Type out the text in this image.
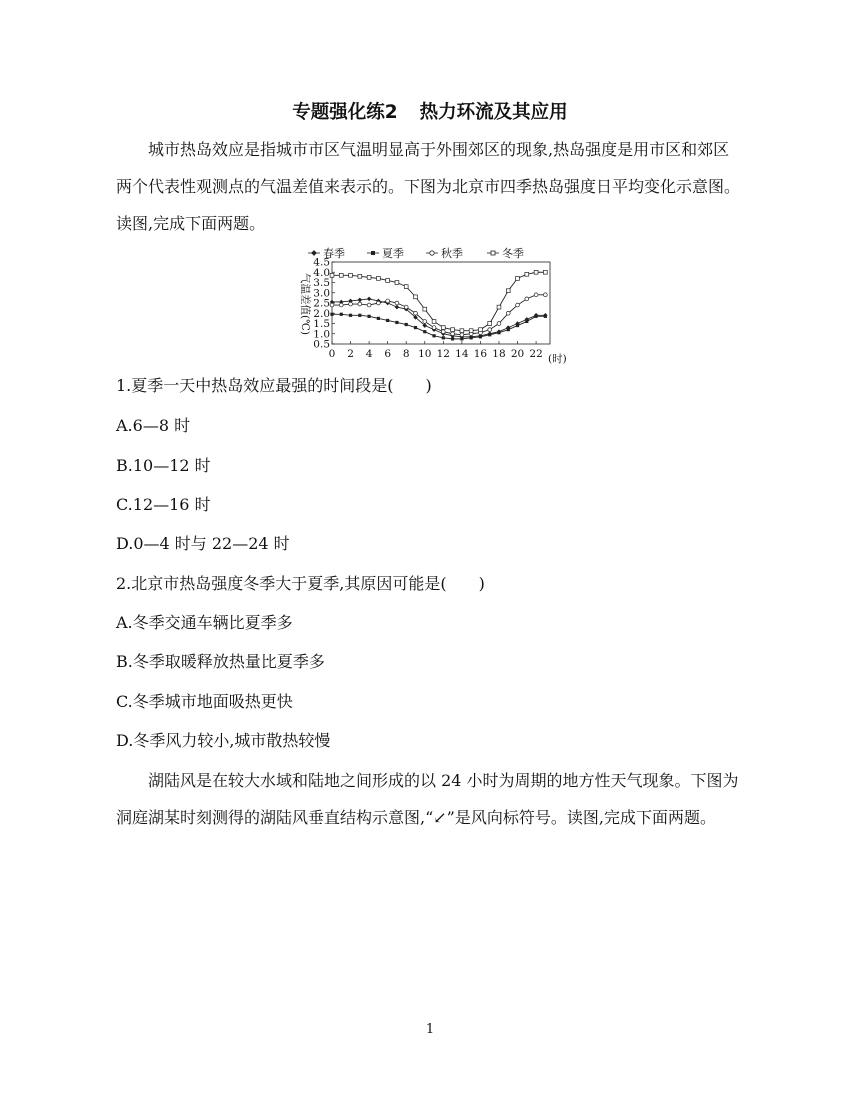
专题强化练2 热力环流及其应用

城市热岛效应是指城市市区气温明显高于外围郊区的现象,热岛强度是用市区和郊区两个代表性观测点的气温差值来表示的。下图为北京市四季热岛强度日平均变化示意图。读图,完成下面两题。

春季	夏季	秋季	冬季
气温差值(℃)
0.5
1.0
1.5
2.0
2.5
3.0
3.5
4.0
4.5
0 2 4 6 8 10 12 14 16 18 20 22 (时)
1.夏季一天中热岛效应最强的时间段是(　　)
A.6—8 时
B.10—12 时
C.12—16 时
D.0—4 时与 22—24 时
2.北京市热岛强度冬季大于夏季,其原因可能是(　　)
A.冬季交通车辆比夏季多
B.冬季取暖释放热量比夏季多
C.冬季城市地面吸热更快
D.冬季风力较小,城市散热较慢

湖陆风是在较大水域和陆地之间形成的以 24 小时为周期的地方性天气现象。下图为洞庭湖某时刻测得的湖陆风垂直结构示意图,“↙”是风向标符号。读图,完成下面两题。

1
